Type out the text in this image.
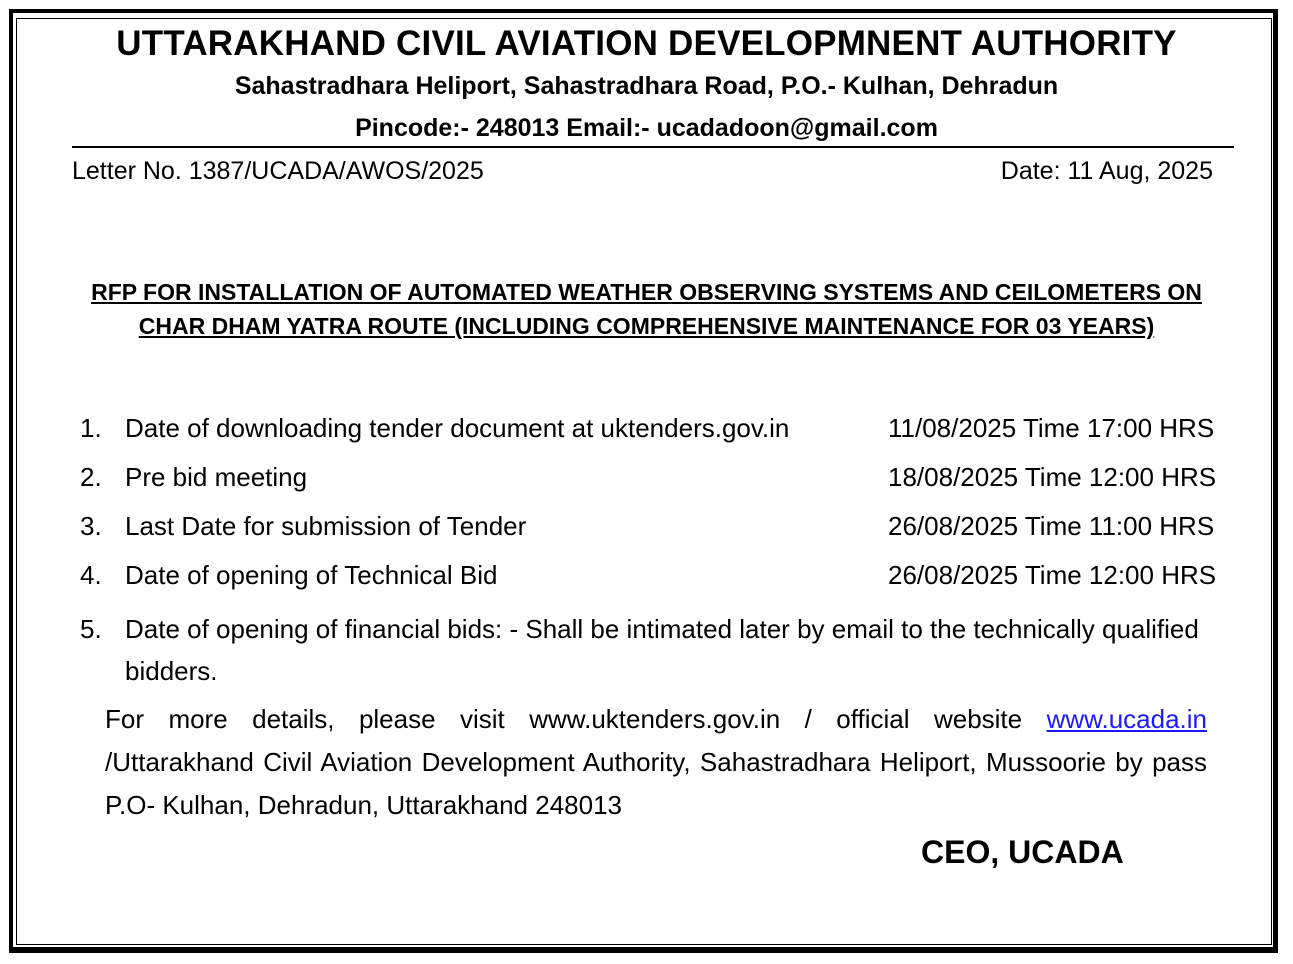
UTTARAKHAND CIVIL AVIATION DEVELOPMNENT AUTHORITY
Sahastradhara Heliport, Sahastradhara Road, P.O.- Kulhan, Dehradun
Pincode:- 248013 Email:- ucadadoon@gmail.com
Letter No. 1387/UCADA/AWOS/2025	Date: 11 Aug, 2025
RFP FOR INSTALLATION OF AUTOMATED WEATHER OBSERVING SYSTEMS AND CEILOMETERS ON
CHAR DHAM YATRA ROUTE (INCLUDING COMPREHENSIVE MAINTENANCE FOR 03 YEARS)
1. Date of downloading tender document at uktenders.gov.in	11/08/2025 Time 17:00 HRS
2. Pre bid meeting	18/08/2025 Time 12:00 HRS
3. Last Date for submission of Tender	26/08/2025 Time 11:00 HRS
4. Date of opening of Technical Bid	26/08/2025 Time 12:00 HRS
5. Date of opening of financial bids: - Shall be intimated later by email to the technically qualified bidders.
For more details, please visit www.uktenders.gov.in / official website www.ucada.in /Uttarakhand Civil Aviation Development Authority, Sahastradhara Heliport, Mussoorie by pass P.O- Kulhan, Dehradun, Uttarakhand 248013
CEO, UCADA
